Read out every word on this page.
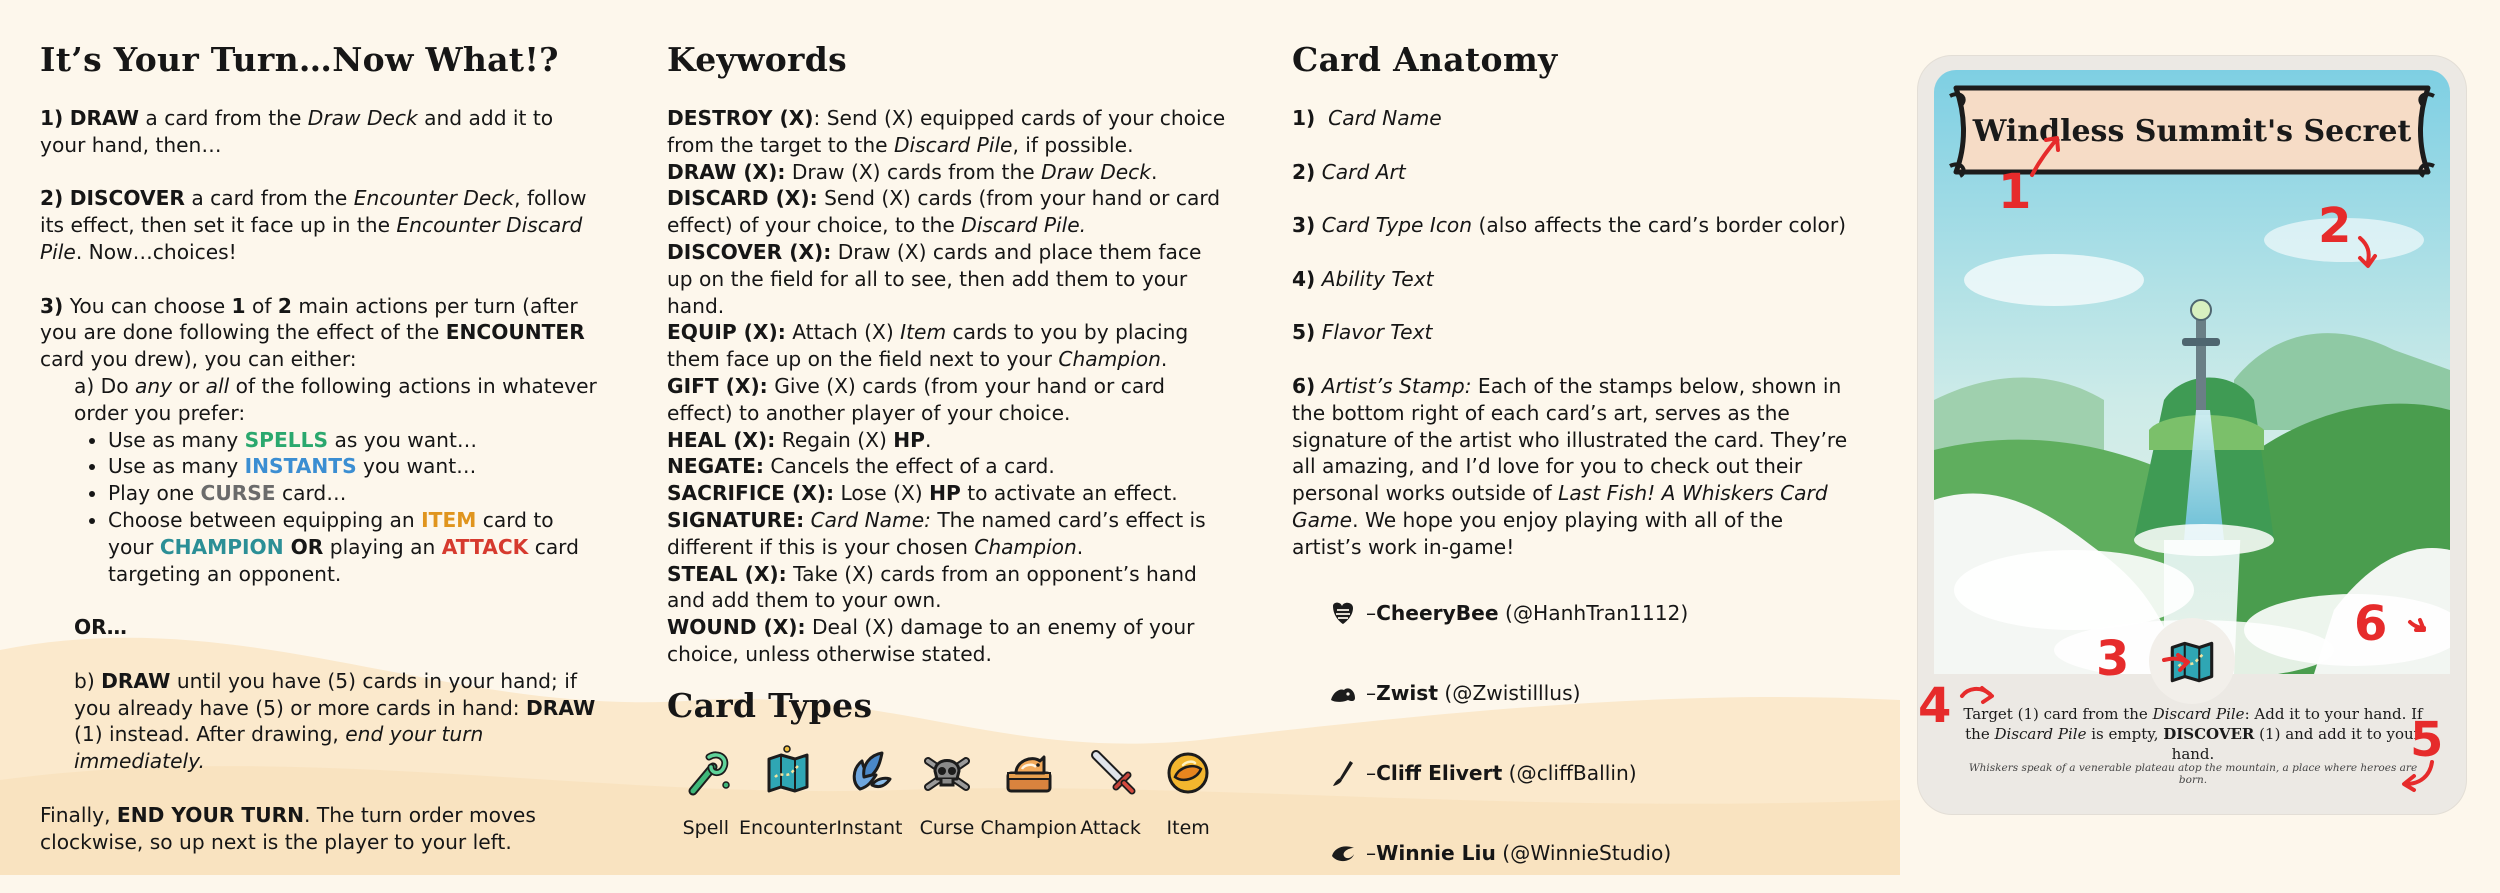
It’s Your Turn…Now What!?

1) DRAW a card from the Draw Deck and add it to your hand, then…

2) DISCOVER a card from the Encounter Deck, follow its effect, then set it face up in the Encounter Discard Pile. Now…choices!

3) You can choose 1 of 2 main actions per turn (after you are done following the effect of the ENCOUNTER card you drew), you can either:

a) Do any or all of the following actions in whatever order you prefer:

• Use as many SPELLS as you want…
• Use as many INSTANTS you want…
• Play one CURSE card…
• Choose between equipping an ITEM card to your CHAMPION OR playing an ATTACK card targeting an opponent.

OR…

b) DRAW until you have (5) cards in your hand; if you already have (5) or more cards in hand: DRAW (1) instead. After drawing, end your turn immediately.

Finally, END YOUR TURN. The turn order moves clockwise, so up next is the player to your left.

Keywords

DESTROY (X): Send (X) equipped cards of your choice from the target to the Discard Pile, if possible.

DRAW (X): Draw (X) cards from the Draw Deck.

DISCARD (X): Send (X) cards (from your hand or card effect) of your choice, to the Discard Pile.

DISCOVER (X): Draw (X) cards and place them face up on the field for all to see, then add them to your hand.

EQUIP (X): Attach (X) Item cards to you by placing them face up on the field next to your Champion.

GIFT (X): Give (X) cards (from your hand or card effect) to another player of your choice.

HEAL (X): Regain (X) HP.

NEGATE: Cancels the effect of a card.

SACRIFICE (X): Lose (X) HP to activate an effect.

SIGNATURE: Card Name: The named card’s effect is different if this is your chosen Champion.

STEAL (X): Take (X) cards from an opponent’s hand and add them to your own.

WOUND (X): Deal (X) damage to an enemy of your choice, unless otherwise stated.

Card Types
Spell Encounter Instant Curse Champion Attack Item
Card Anatomy

1) Card Name

2) Card Art

3) Card Type Icon (also affects the card’s border color)

4) Ability Text

5) Flavor Text

6) Artist’s Stamp: Each of the stamps below, shown in the bottom right of each card’s art, serves as the signature of the artist who illustrated the card. They’re all amazing, and I’d love for you to check out their personal works outside of Last Fish! A Whiskers Card Game. We hope you enjoy playing with all of the artist’s work in-game!

– CheeryBee
(@HanhTran1112)
– Zwist
(@Zwistilllus)
– Cliff Elivert
(@cliffBallin)
– Winnie Liu
(@WinnieStudio)
Windless Summit's Secret
Target (1) card from the Discard Pile: Add it to your hand. If the Discard Pile is empty, DISCOVER (1) and add it to your hand.
Whiskers speak of a venerable plateau atop the mountain, a place where heroes are born.
1
2
3
4
5
6
